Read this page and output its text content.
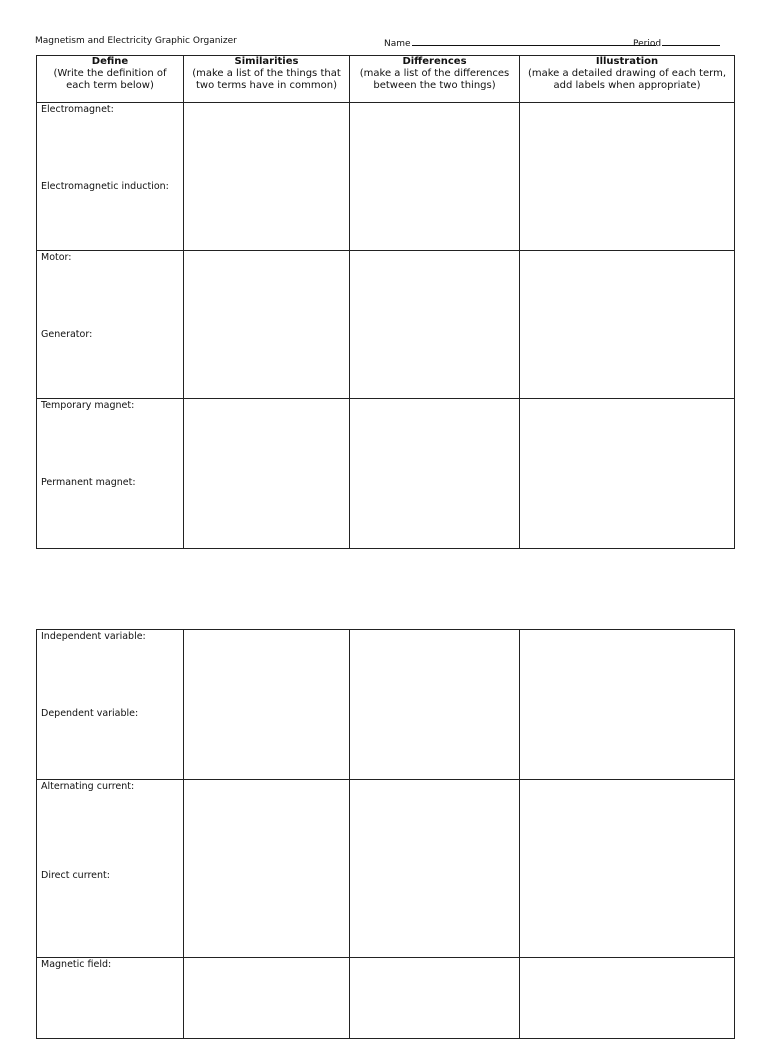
Magnetism and Electricity Graphic Organizer	Name	Period
Define
(Write the definition of
each term below)	Similarities
(make a list of the things that
two terms have in common)	Differences
(make a list of the differences
between the two things)	Illustration
(make a detailed drawing of each term,
add labels when appropriate)

Electromagnet:
Electromagnetic induction:			

Motor:
Generator:			

Temporary magnet:
Permanent magnet:			

Independent variable:
Dependent variable:			

Alternating current:
Direct current:			

Magnetic field:			
